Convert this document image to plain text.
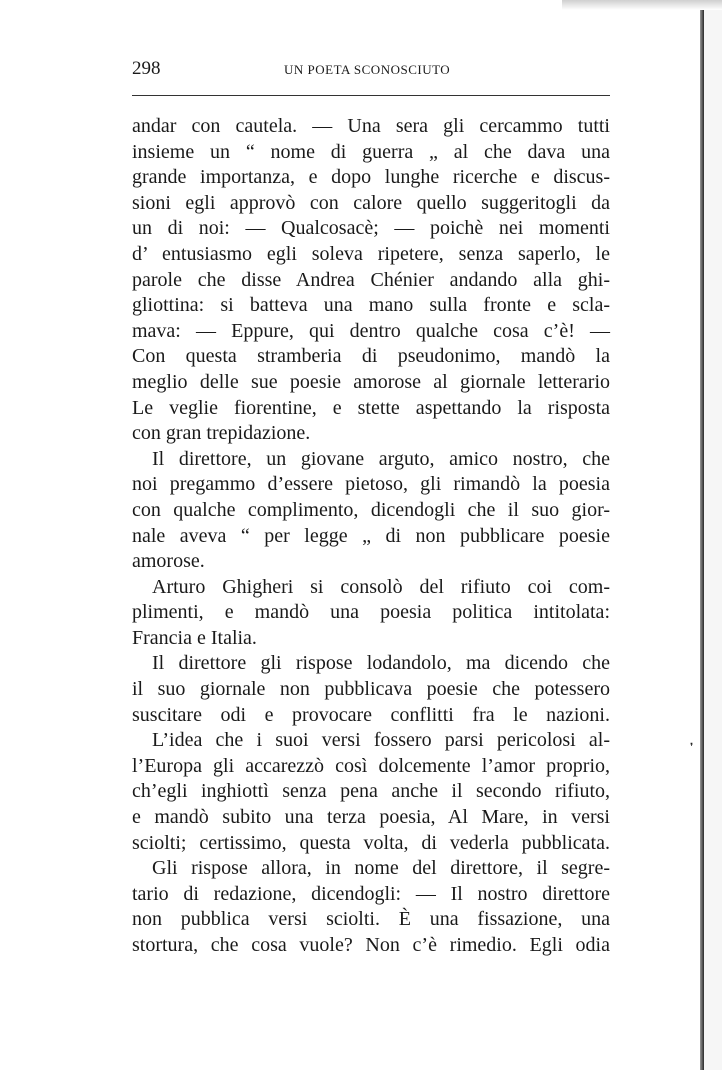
298	UN POETA SCONOSCIUTO
andar con cautela. — Una sera gli cercammo tutti
insieme un “ nome di guerra „ al che dava una
grande importanza, e dopo lunghe ricerche e discus-
sioni egli approvò con calore quello suggeritogli da
un di noi: — Qualcosacè; — poichè nei momenti
d’ entusiasmo egli soleva ripetere, senza saperlo, le
parole che disse Andrea Chénier andando alla ghi-
gliottina: si batteva una mano sulla fronte e scla-
mava: — Eppure, qui dentro qualche cosa c’è! —
Con questa stramberia di pseudonimo, mandò la
meglio delle sue poesie amorose al giornale letterario
Le veglie fiorentine, e stette aspettando la risposta
con gran trepidazione.
Il direttore, un giovane arguto, amico nostro, che
noi pregammo d’essere pietoso, gli rimandò la poesia
con qualche complimento, dicendogli che il suo gior-
nale aveva “ per legge „ di non pubblicare poesie
amorose.
Arturo Ghigheri si consolò del rifiuto coi com-
plimenti, e mandò una poesia politica intitolata:
Francia e Italia.
Il direttore gli rispose lodandolo, ma dicendo che
il suo giornale non pubblicava poesie che potessero
suscitare odi e provocare conflitti fra le nazioni.
L’idea che i suoi versi fossero parsi pericolosi al-
l’Europa gli accarezzò così dolcemente l’amor proprio,
ch’egli inghiottì senza pena anche il secondo rifiuto,
e mandò subito una terza poesia, Al Mare, in versi
sciolti; certissimo, questa volta, di vederla pubblicata.
Gli rispose allora, in nome del direttore, il segre-
tario di redazione, dicendogli: — Il nostro direttore
non pubblica versi sciolti. È una fissazione, una
stortura, che cosa vuole? Non c’è rimedio. Egli odia
❜
